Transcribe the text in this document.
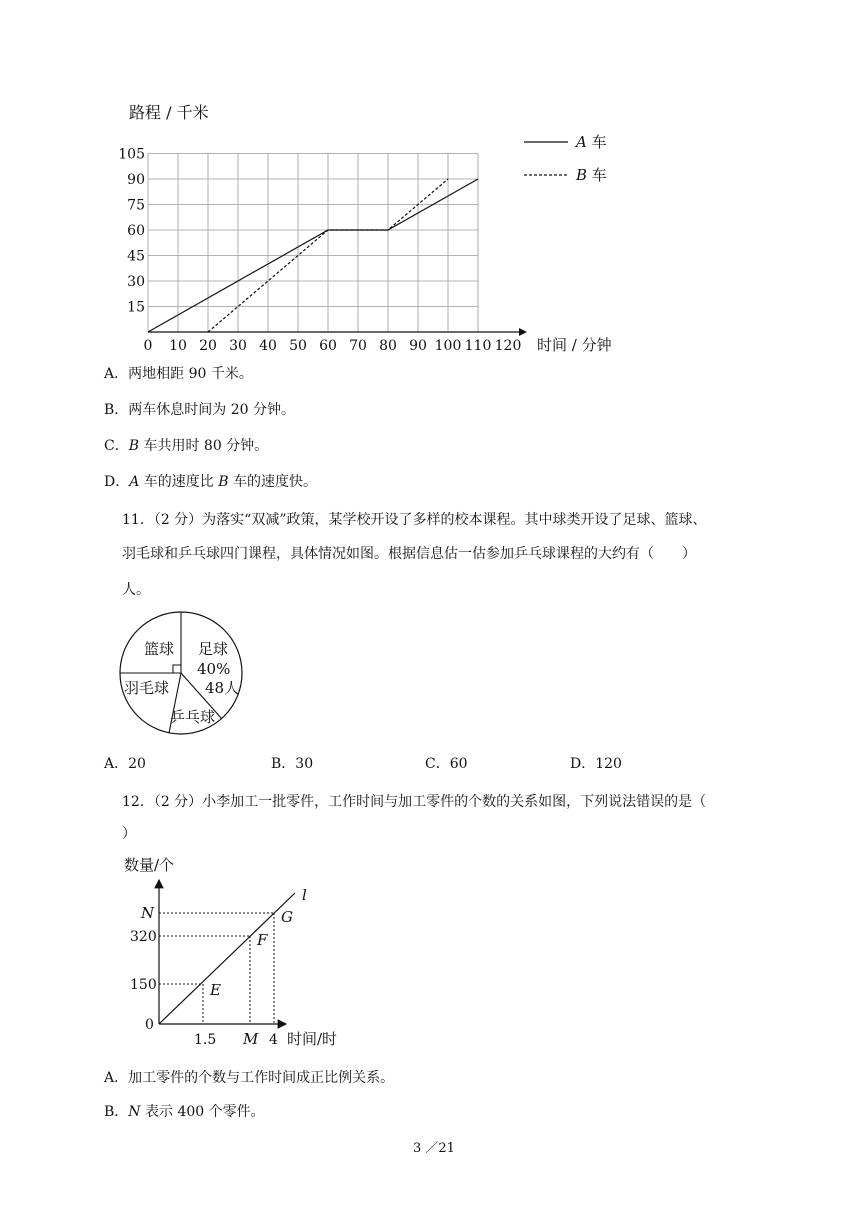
路程 / 千米
15
30
45
60
75
90
105
0 10 20 30 40 50 60 70 80 90 100 110 120 时间 / 分钟
A 车
B 车
A．两地相距 90 千米。
B．两车休息时间为 20 分钟。
C．B 车共用时 80 分钟。
D．A 车的速度比 B 车的速度快。
11．（2 分）为落实“双减”政策，某学校开设了多样的校本课程。其中球类开设了足球、篮球、
羽毛球和乒乓球四门课程，具体情况如图。根据信息估一估参加乒乓球课程的大约有（　　）
人。
足球
40%
48人
篮球
羽毛球
乒乓球
A．20	B．30	C．60	D．120
12．（2 分）小李加工一批零件，工作时间与加工零件的个数的关系如图，下列说法错误的是（
）
数量/个
时间/时
l
N
320
150
0
1.5 M 4
E
F
G
A．加工零件的个数与工作时间成正比例关系。
B．N 表示 400 个零件。
3 ／21
